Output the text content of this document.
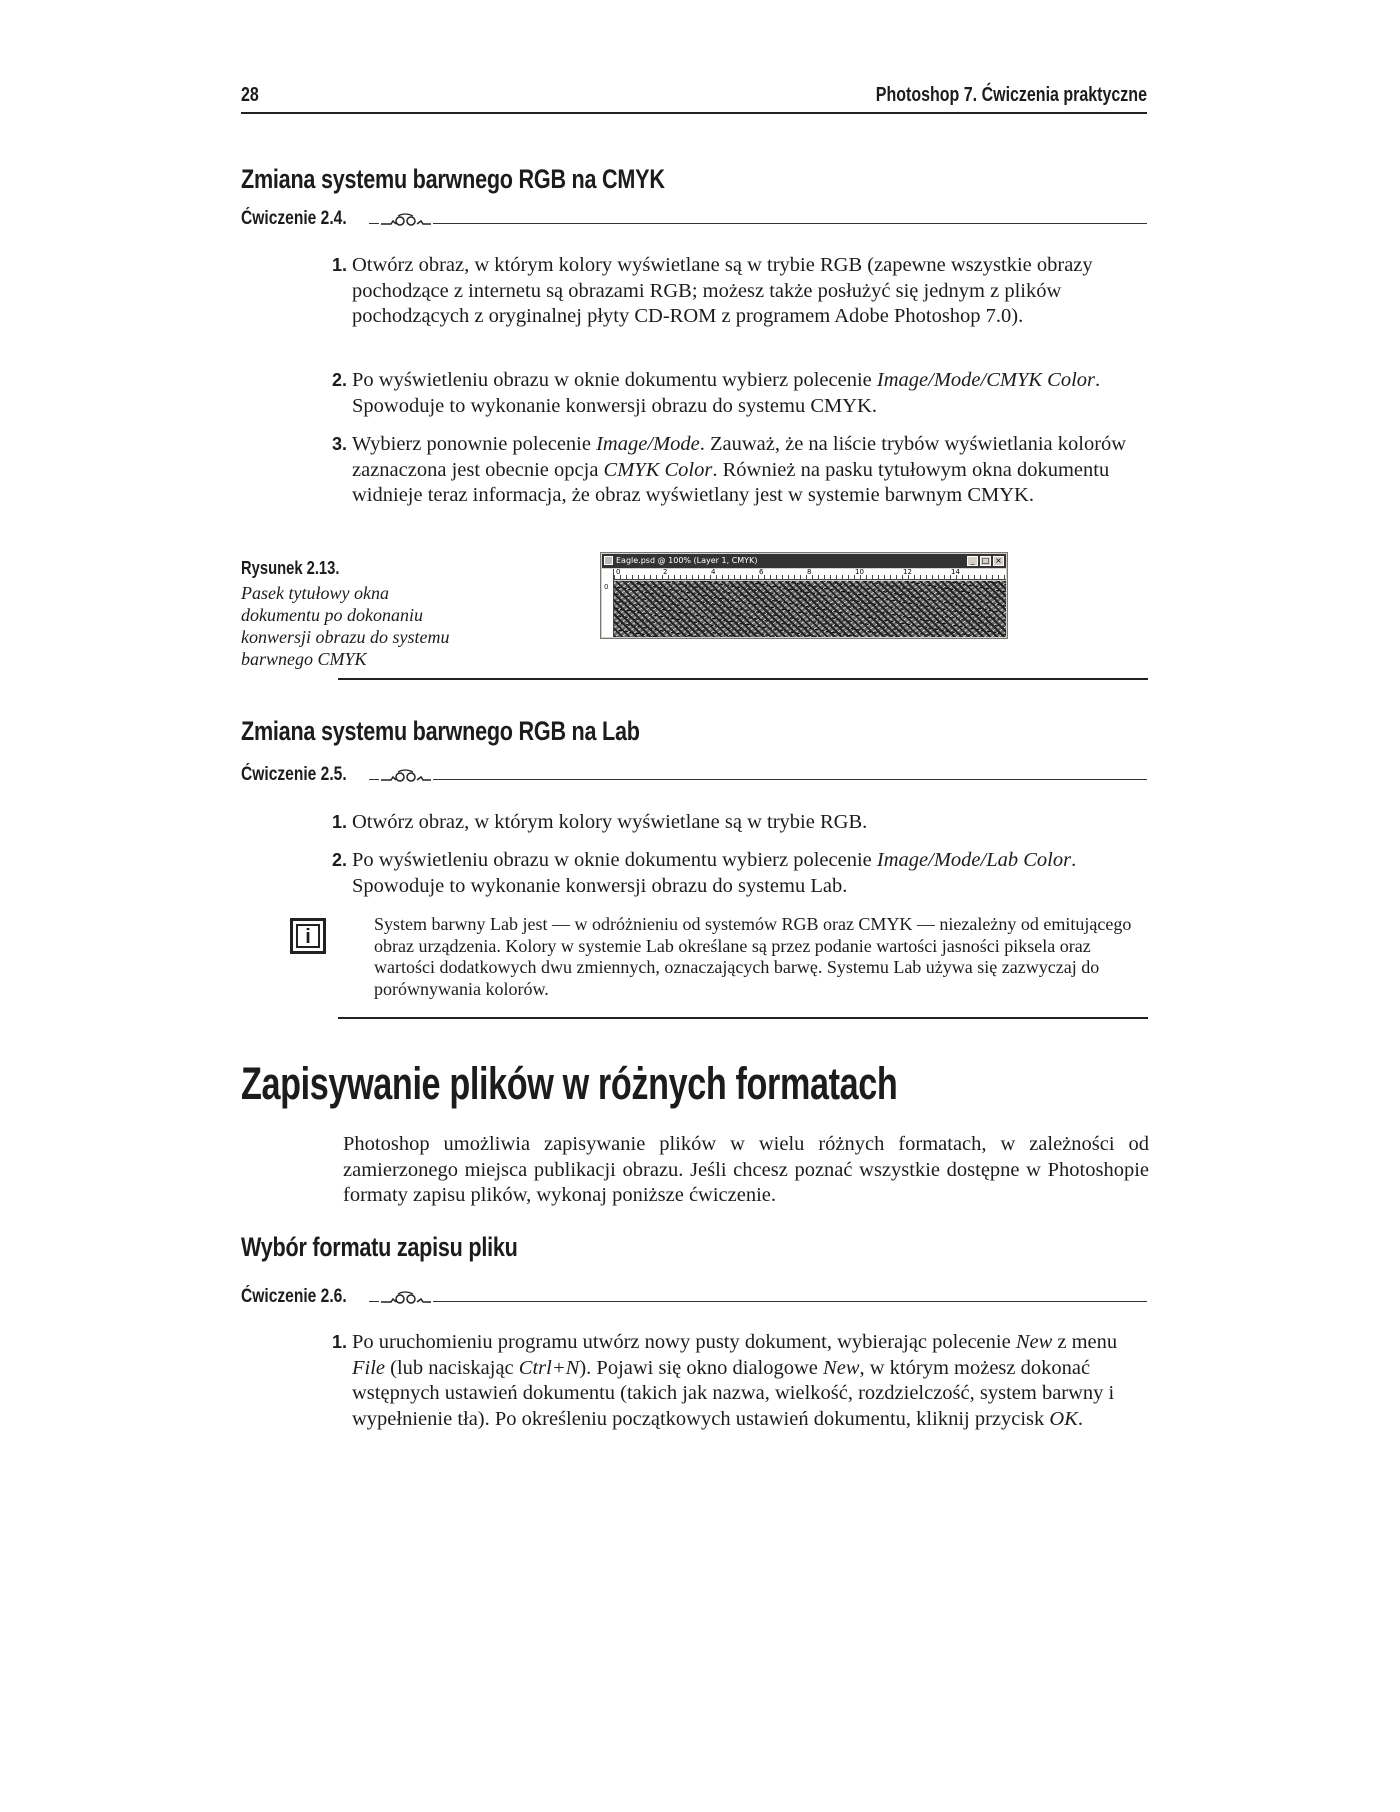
28	Photoshop 7. Ćwiczenia praktyczne
Zmiana systemu barwnego RGB na CMYK
Ćwiczenie 2.4.
1. Otwórz obraz, w którym kolory wyświetlane są w trybie RGB (zapewne wszystkie obrazy pochodzące z internetu są obrazami RGB; możesz także posłużyć się jednym z plików pochodzących z oryginalnej płyty CD-ROM z programem Adobe Photoshop 7.0).
2. Po wyświetleniu obrazu w oknie dokumentu wybierz polecenie Image/Mode/CMYK Color. Spowoduje to wykonanie konwersji obrazu do systemu CMYK.
3. Wybierz ponownie polecenie Image/Mode. Zauważ, że na liście trybów wyświetlania kolorów zaznaczona jest obecnie opcja CMYK Color. Również na pasku tytułowym okna dokumentu widnieje teraz informacja, że obraz wyświetlany jest w systemie barwnym CMYK.
Rysunek 2.13.
Pasek tytułowy okna dokumentu po dokonaniu konwersji obrazu do systemu barwnego CMYK
Eagle.psd @ 100% (Layer 1, CMYK)	_ □ ×
0
0	2	4	6	8	10	12	14
Zmiana systemu barwnego RGB na Lab
Ćwiczenie 2.5.
1. Otwórz obraz, w którym kolory wyświetlane są w trybie RGB.
2. Po wyświetleniu obrazu w oknie dokumentu wybierz polecenie Image/Mode/Lab Color. Spowoduje to wykonanie konwersji obrazu do systemu Lab.
i
System barwny Lab jest — w odróżnieniu od systemów RGB oraz CMYK — niezależny od emitującego obraz urządzenia. Kolory w systemie Lab określane są przez podanie wartości jasności piksela oraz wartości dodatkowych dwu zmiennych, oznaczających barwę. Systemu Lab używa się zazwyczaj do porównywania kolorów.
Zapisywanie plików w różnych formatach
Photoshop umożliwia zapisywanie plików w wielu różnych formatach, w zależności od zamierzonego miejsca publikacji obrazu. Jeśli chcesz poznać wszystkie dostępne w Photoshopie formaty zapisu plików, wykonaj poniższe ćwiczenie.
Wybór formatu zapisu pliku
Ćwiczenie 2.6.
1. Po uruchomieniu programu utwórz nowy pusty dokument, wybierając polecenie New z menu File (lub naciskając Ctrl+N). Pojawi się okno dialogowe New, w którym możesz dokonać wstępnych ustawień dokumentu (takich jak nazwa, wielkość, rozdzielczość, system barwny i wypełnienie tła). Po określeniu początkowych ustawień dokumentu, kliknij przycisk OK.
